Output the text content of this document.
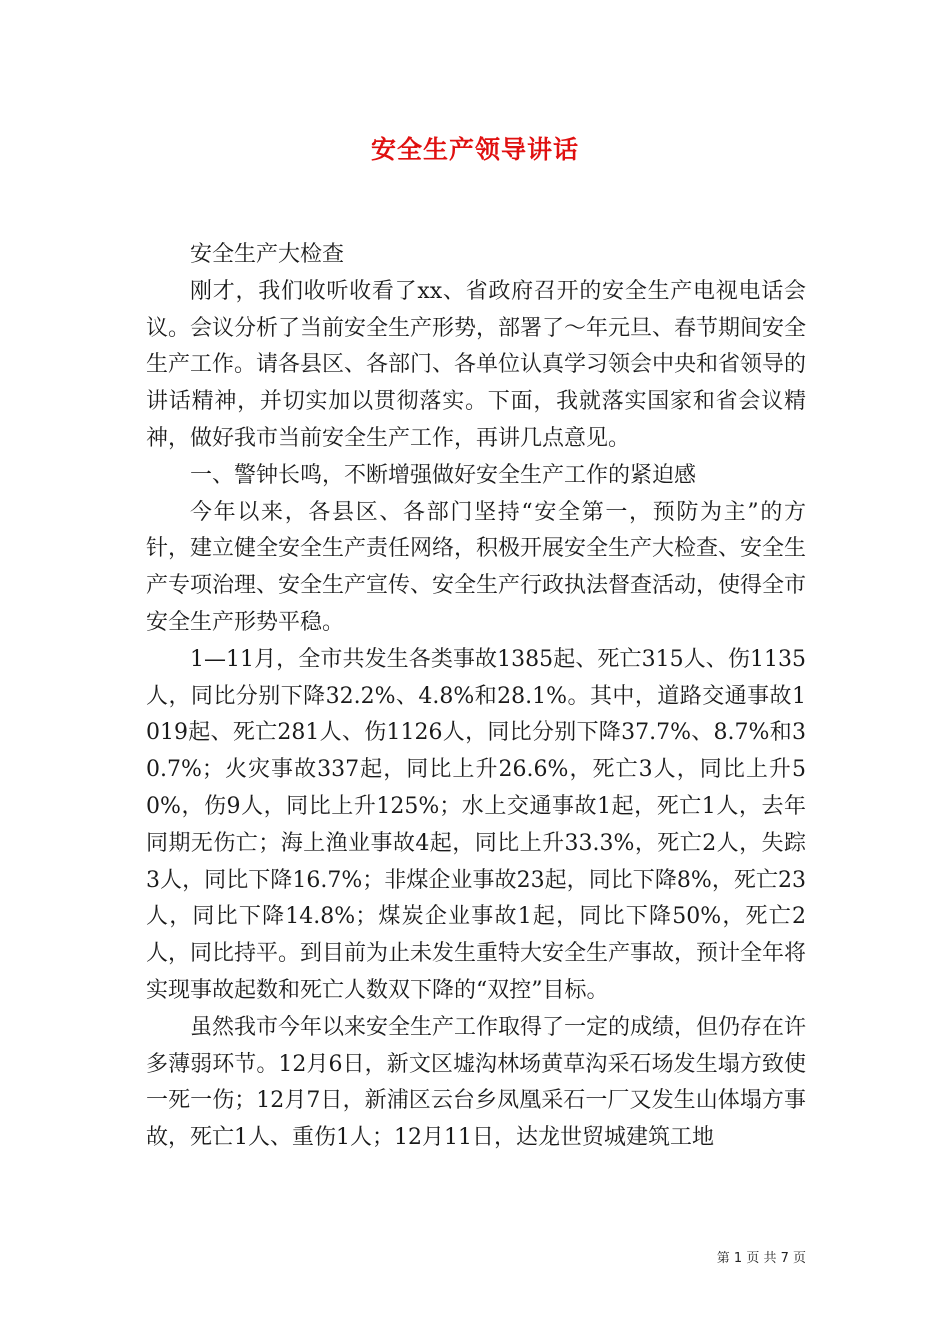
安全生产领导讲话

安全生产大检查

刚才，我们收听收看了xx、省政府召开的安全生产电视电话会议。会议分析了当前安全生产形势，部署了～年元旦、春节期间安全生产工作。请各县区、各部门、各单位认真学习领会中央和省领导的讲话精神，并切实加以贯彻落实。下面，我就落实国家和省会议精神，做好我市当前安全生产工作，再讲几点意见。

一、警钟长鸣，不断增强做好安全生产工作的紧迫感

今年以来，各县区、各部门坚持“安全第一，预防为主”的方针，建立健全安全生产责任网络，积极开展安全生产大检查、安全生产专项治理、安全生产宣传、安全生产行政执法督查活动，使得全市安全生产形势平稳。

1—11月，全市共发生各类事故1385起、死亡315人、伤1135人，同比分别下降32.2%、4.8%和28.1%。其中，道路交通事故1019起、死亡281人、伤1126人，同比分别下降37.7%、8.7%和30.7%；火灾事故337起，同比上升26.6%，死亡3人，同比上升50%，伤9人，同比上升125%；水上交通事故1起，死亡1人，去年同期无伤亡；海上渔业事故4起，同比上升33.3%，死亡2人，失踪3人，同比下降16.7%；非煤企业事故23起，同比下降8%，死亡23人，同比下降14.8%；煤炭企业事故1起，同比下降50%，死亡2人，同比持平。到目前为止未发生重特大安全生产事故，预计全年将实现事故起数和死亡人数双下降的“双控”目标。

虽然我市今年以来安全生产工作取得了一定的成绩，但仍存在许多薄弱环节。12月6日，新文区墟沟林场黄草沟采石场发生塌方致使一死一伤；12月7日，新浦区云台乡凤凰采石一厂又发生山体塌方事故，死亡1人、重伤1人；12月11日，达龙世贸城建筑工地

第 1 页 共 7 页
